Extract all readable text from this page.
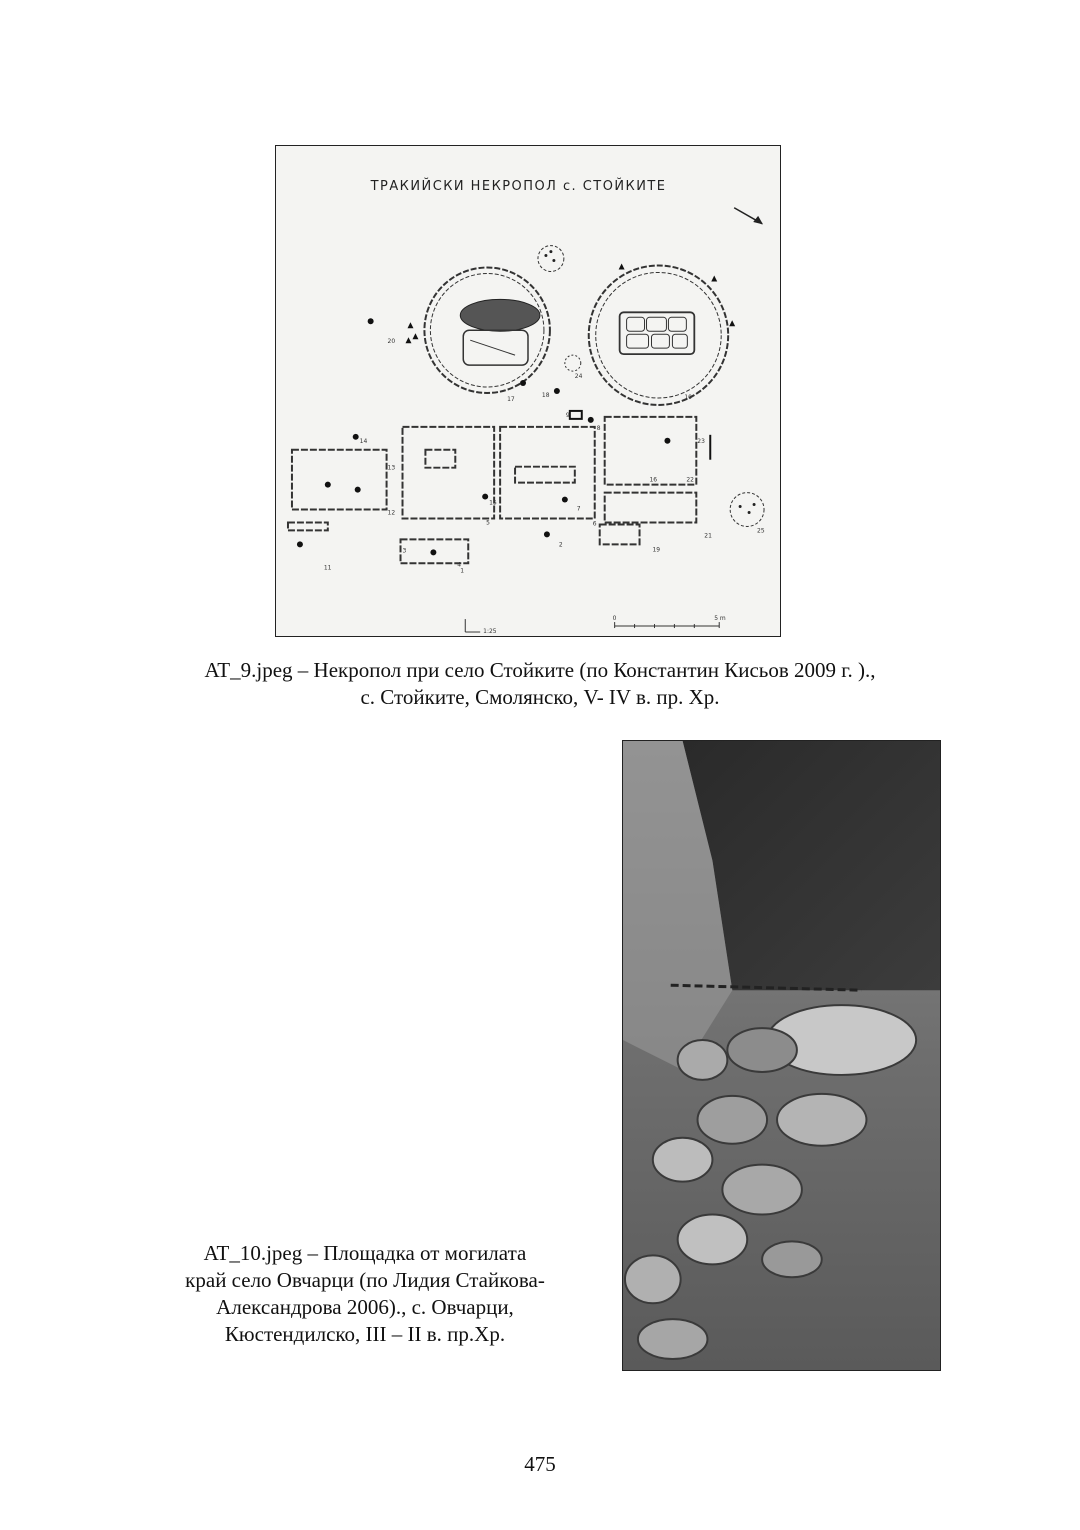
ТРАКИЙСКИ НЕКРОПОЛ с. СТОЙКИТЕ
1
2
3
4
5	6
7
8
9
10
11
12
13
14
15
16
17
18
19
20
21
22
23
24
25
0	5 m
1:25
AT_9.jpeg – Некропол при село Стойките (по Константин Кисьов 2009 г. ).,
с. Стойките, Смолянско, V- IV в. пр. Хр.
AT_10.jpeg – Площадка от могилата
край село Овчарци (по Лидия Стайкова-
Александрова 2006)., с. Овчарци,
Кюстендилско, III – II в. пр.Хр.
475
